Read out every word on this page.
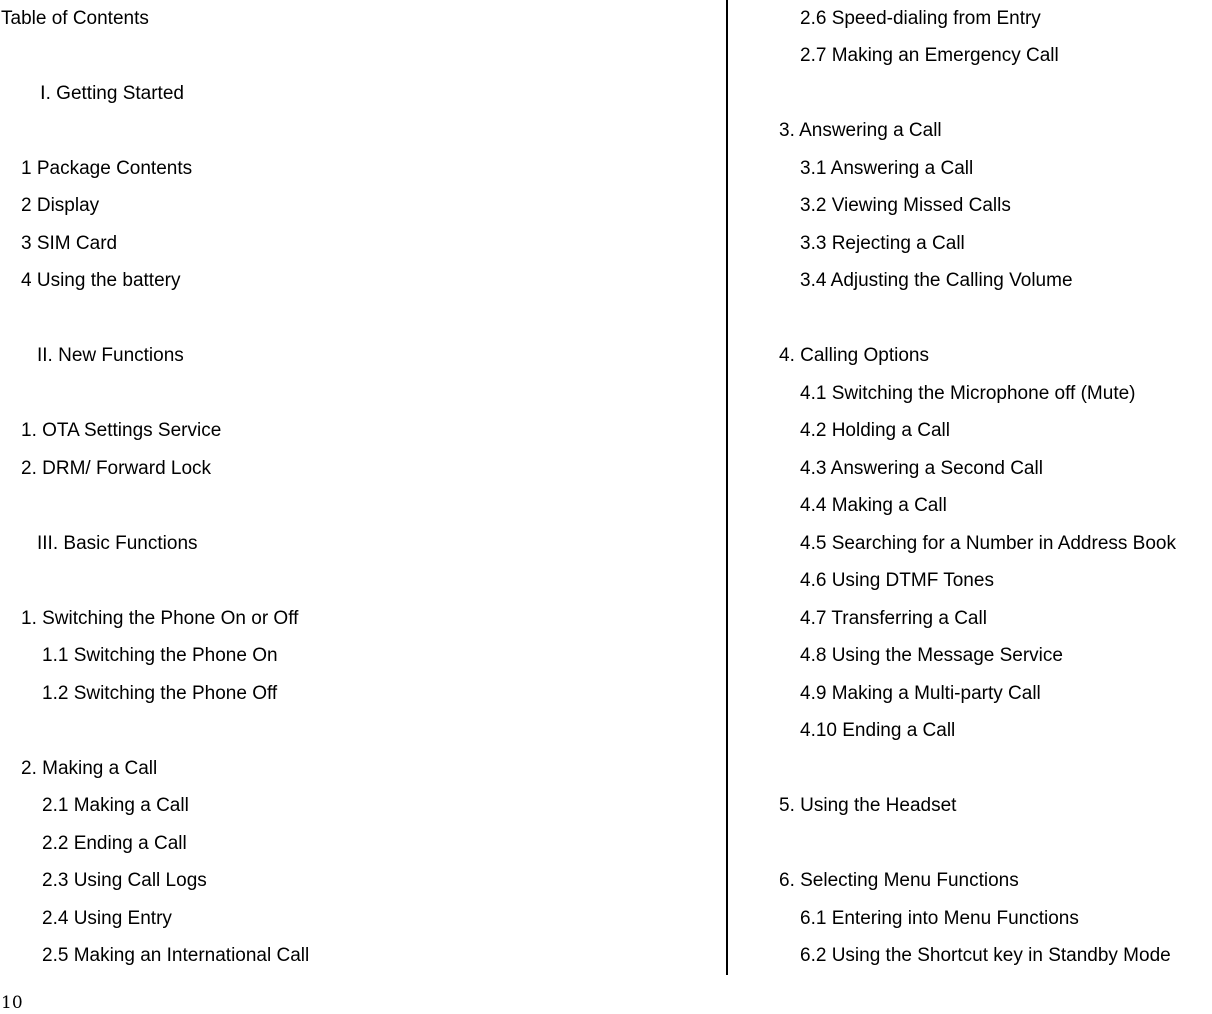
Table of Contents
Ⅰ. Getting Started
1 Package Contents
2 Display
3 SIM Card
4 Using the battery
II. New Functions
1. OTA Settings Service
2. DRM/ Forward Lock
III. Basic Functions
1. Switching the Phone On or Off
1.1 Switching the Phone On
1.2 Switching the Phone Off
2. Making a Call
2.1 Making a Call
2.2 Ending a Call
2.3 Using Call Logs
2.4 Using Entry
2.5 Making an International Call
2.6 Speed-dialing from Entry
2.7 Making an Emergency Call
3. Answering a Call
3.1 Answering a Call
3.2 Viewing Missed Calls
3.3 Rejecting a Call
3.4 Adjusting the Calling Volume
4. Calling Options
4.1 Switching the Microphone off (Mute)
4.2 Holding a Call
4.3 Answering a Second Call
4.4 Making a Call
4.5 Searching for a Number in Address Book
4.6 Using DTMF Tones
4.7 Transferring a Call
4.8 Using the Message Service
4.9 Making a Multi-party Call
4.10 Ending a Call
5. Using the Headset
6. Selecting Menu Functions
6.1 Entering into Menu Functions
6.2 Using the Shortcut key in Standby Mode
10
